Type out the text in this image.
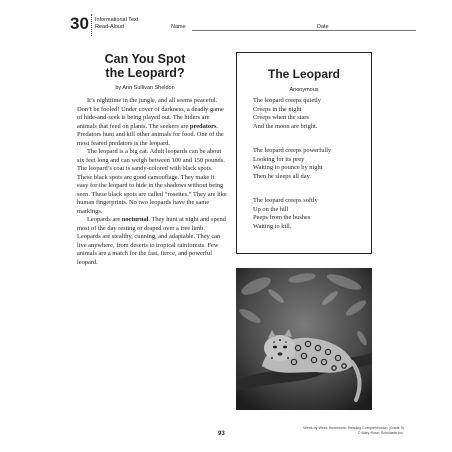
30 Informational Text
Read-Aloud	Name	Date
Can You Spot
the Leopard?
by Ann Sullivan Sheldon

It’s nighttime in the jungle, and all seems peaceful. Don’t be fooled! Under cover of darkness, a deadly game of hide-and-seek is being played out. The hiders are animals that feed on plants. The seekers are predators. Predators hunt and kill other animals for food. One of the most feared predators is the leopard.

The leopard is a big cat. Adult leopards can be about six feet long and can weigh between 100 and 150 pounds. The leopard’s coat is sandy-colored with black spots. These black spots are good camouflage. They make it easy for the leopard to hide in the shadows without being seen. These black spots are called “rosettes.” They are like human fingerprints. No two leopards have the same markings.

Leopards are nocturnal. They hunt at night and spend most of the day resting or draped over a tree limb. Leopards are stealthy, cunning, and adaptable. They can live anywhere, from deserts to tropical rainforests. Few animals are a match for the fast, fierce, and powerful leopard.

The Leopard
Anonymous
The leopard creeps quietly
Creeps in the night
Creeps when the stars
And the moon are bright.
The leopard creeps powerfully
Looking for its prey
Waiting to pounce by night
Then he sleeps all day.
The leopard creeps softly
Up on the hill
Peeps from the bushes
Waiting to kill.
93
Week-by-Week Homework: Reading Comprehension (Grade 3)
© Mary Rose, Scholastic Inc.
